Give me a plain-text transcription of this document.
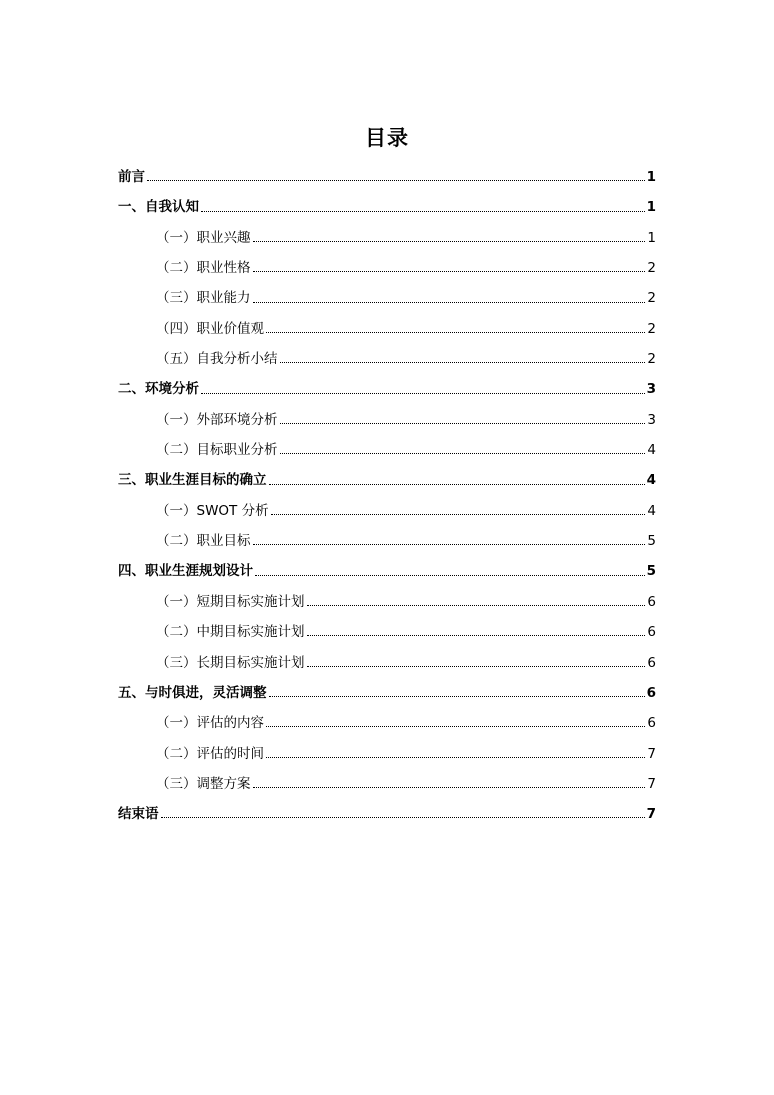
目录
前言	1
一、自我认知	1
（一）职业兴趣	1
（二）职业性格	2
（三）职业能力	2
（四）职业价值观	2
（五）自我分析小结	2
二、环境分析	3
（一）外部环境分析	3
（二）目标职业分析	4
三、职业生涯目标的确立	4
（一）SWOT 分析	4
（二）职业目标	5
四、职业生涯规划设计	5
（一）短期目标实施计划	6
（二）中期目标实施计划	6
（三）长期目标实施计划	6
五、与时俱进，灵活调整	6
（一）评估的内容	6
（二）评估的时间	7
（三）调整方案	7
结束语	7
